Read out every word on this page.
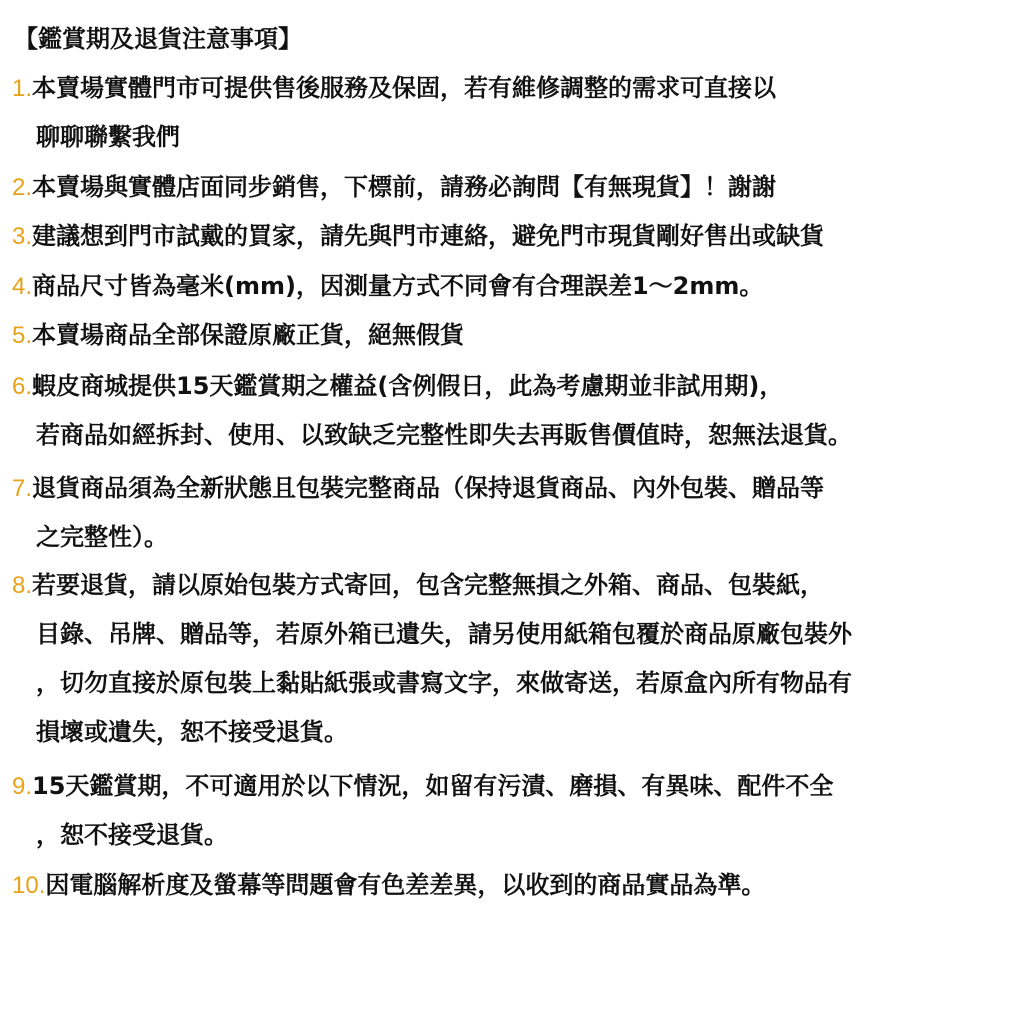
【鑑賞期及退貨注意事項】
1.本賣場實體門市可提供售後服務及保固，若有維修調整的需求可直接以
聊聊聯繫我們
2.本賣場與實體店面同步銷售，下標前，請務必詢問【有無現貨】！謝謝
3.建議想到門市試戴的買家，請先與門市連絡，避免門市現貨剛好售出或缺貨
4.商品尺寸皆為毫米(mm)，因測量方式不同會有合理誤差1～2mm。
5.本賣場商品全部保證原廠正貨，絕無假貨
6.蝦皮商城提供15天鑑賞期之權益(含例假日，此為考慮期並非試用期)，
若商品如經拆封、使用、以致缺乏完整性即失去再販售價值時，恕無法退貨。
7.退貨商品須為全新狀態且包裝完整商品（保持退貨商品、內外包裝、贈品等
之完整性）。
8.若要退貨，請以原始包裝方式寄回，包含完整無損之外箱、商品、包裝紙，
目錄、吊牌、贈品等，若原外箱已遺失，請另使用紙箱包覆於商品原廠包裝外
，切勿直接於原包裝上黏貼紙張或書寫文字，來做寄送，若原盒內所有物品有
損壞或遺失，恕不接受退貨。
9.15天鑑賞期，不可適用於以下情況，如留有污漬、磨損、有異味、配件不全
，恕不接受退貨。
10.因電腦解析度及螢幕等問題會有色差差異，以收到的商品實品為準。
